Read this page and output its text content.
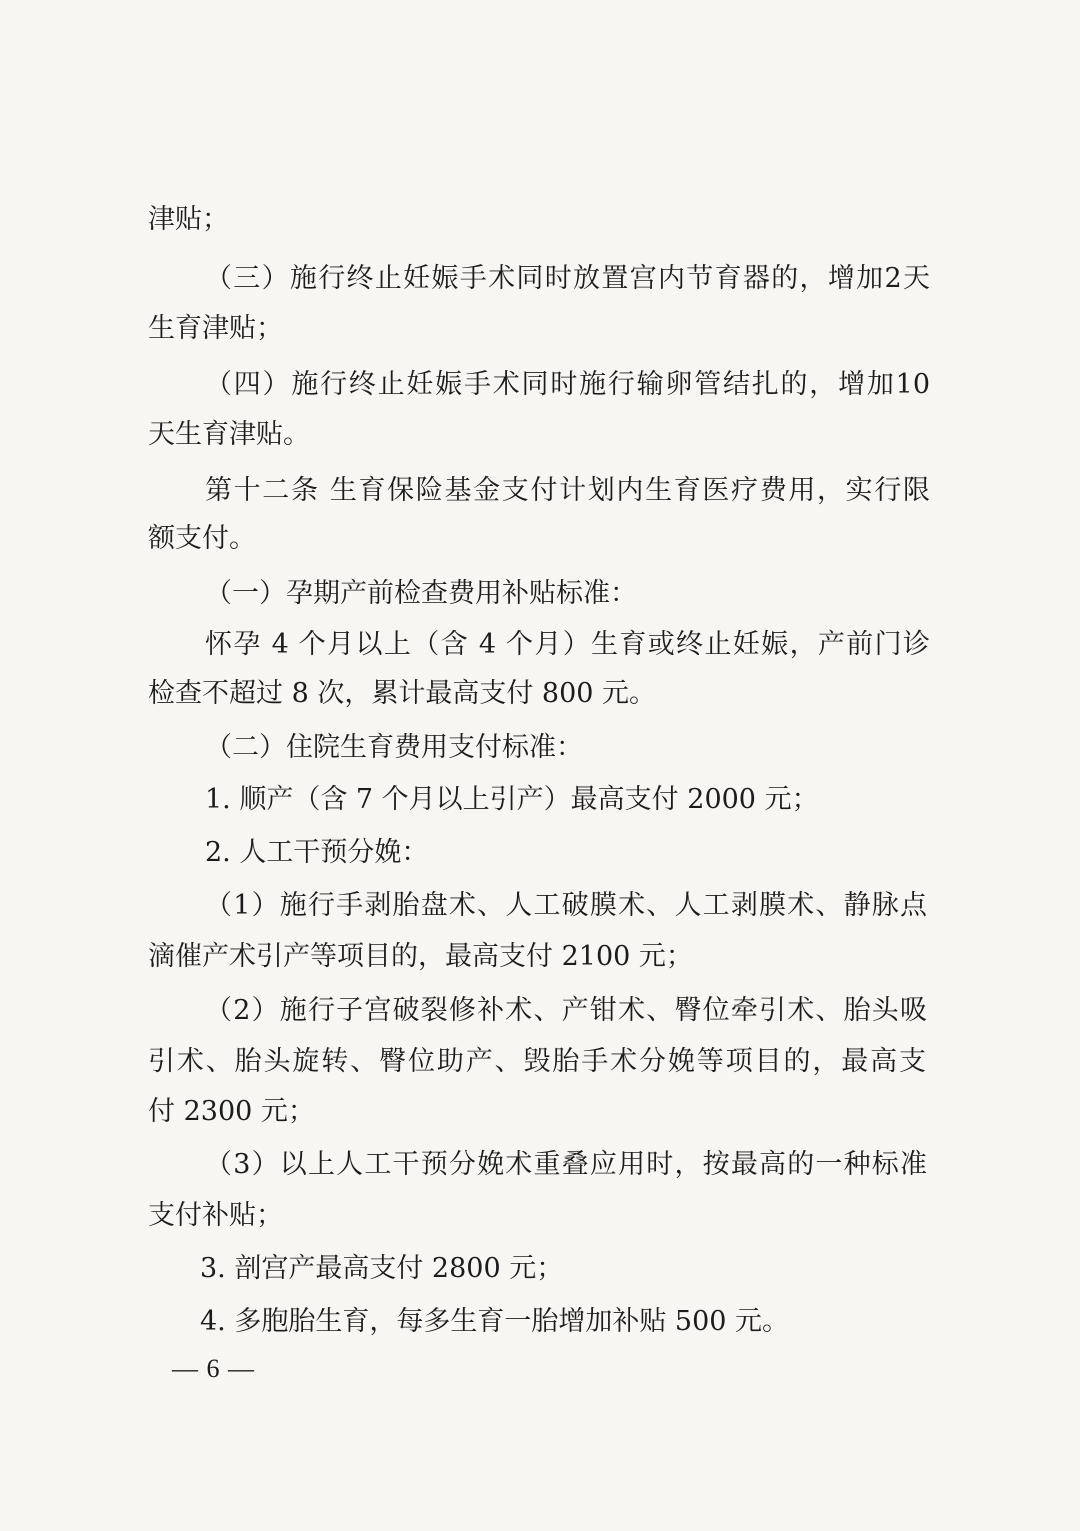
津贴；
（三）施行终止妊娠手术同时放置宫内节育器的，增加2天
生育津贴；
（四）施行终止妊娠手术同时施行输卵管结扎的，增加10
天生育津贴。
第十二条 生育保险基金支付计划内生育医疗费用，实行限
额支付。
（一）孕期产前检查费用补贴标准：
怀孕 4 个月以上（含 4 个月）生育或终止妊娠，产前门诊
检查不超过 8 次，累计最高支付 800 元。
（二）住院生育费用支付标准：
1. 顺产（含 7 个月以上引产）最高支付 2000 元；
2. 人工干预分娩：
（1）施行手剥胎盘术、人工破膜术、人工剥膜术、静脉点
滴催产术引产等项目的，最高支付 2100 元；
（2）施行子宫破裂修补术、产钳术、臀位牵引术、胎头吸
引术、胎头旋转、臀位助产、毁胎手术分娩等项目的，最高支
付 2300 元；
（3）以上人工干预分娩术重叠应用时，按最高的一种标准
支付补贴；
3. 剖宫产最高支付 2800 元；
4. 多胞胎生育，每多生育一胎增加补贴 500 元。
— 6 —
